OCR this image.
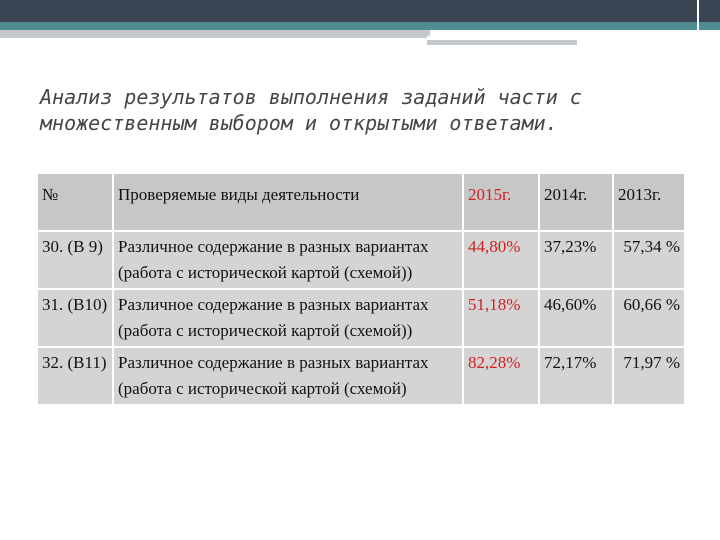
Анализ результатов выполнения заданий части с множественным выбором и открытыми ответами.
№	Проверяемые виды деятельности	2015г.	2014г.	2013г.
30. (В 9)	Различное содержание в разных вариантах (работа с исторической картой (схемой))	44,80%	37,23%	57,34 %
31. (В10)	Различное содержание в разных вариантах (работа с исторической картой (схемой))	51,18%	46,60%	60,66 %
32. (В11)	Различное содержание в разных вариантах (работа с исторической картой (схемой)	82,28%	72,17%	71,97 %
